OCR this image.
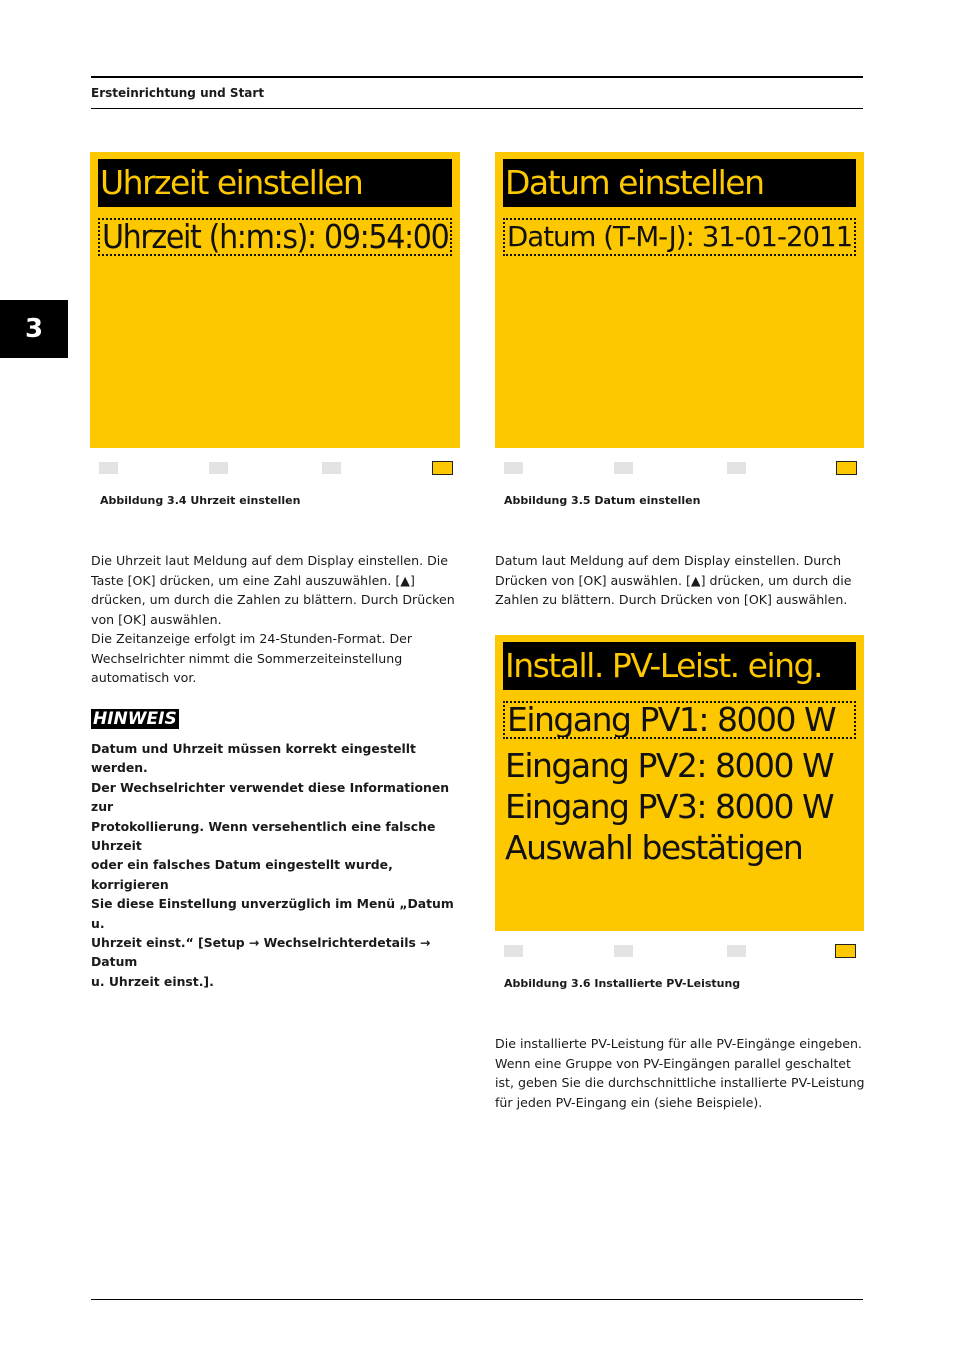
Ersteinrichtung und Start
3
Uhrzeit einstellen
Uhrzeit (h:m:s): 09:54:00
Abbildung 3.4 Uhrzeit einstellen
Datum einstellen
Datum (T-M-J): 31-01-2011
Abbildung 3.5 Datum einstellen
Die Uhrzeit laut Meldung auf dem Display einstellen. Die
Taste [OK] drücken, um eine Zahl auszuwählen. [▲]
drücken, um durch die Zahlen zu blättern. Durch Drücken
von [OK] auswählen.
Die Zeitanzeige erfolgt im 24-Stunden-Format. Der
Wechselrichter nimmt die Sommerzeiteinstellung
automatisch vor.
HINWEIS
Datum und Uhrzeit müssen korrekt eingestellt werden.
Der Wechselrichter verwendet diese Informationen zur
Protokollierung. Wenn versehentlich eine falsche Uhrzeit
oder ein falsches Datum eingestellt wurde, korrigieren
Sie diese Einstellung unverzüglich im Menü „Datum u.
Uhrzeit einst.“ [Setup → Wechselrichterdetails → Datum
u. Uhrzeit einst.].
Datum laut Meldung auf dem Display einstellen. Durch
Drücken von [OK] auswählen. [▲] drücken, um durch die
Zahlen zu blättern. Durch Drücken von [OK] auswählen.
Install. PV-Leist. eing.
Eingang PV1: 8000 W
Eingang PV2: 8000 W
Eingang PV3: 8000 W
Auswahl bestätigen
Abbildung 3.6 Installierte PV-Leistung
Die installierte PV-Leistung für alle PV-Eingänge eingeben.
Wenn eine Gruppe von PV-Eingängen parallel geschaltet
ist, geben Sie die durchschnittliche installierte PV-Leistung
für jeden PV-Eingang ein (siehe Beispiele).
